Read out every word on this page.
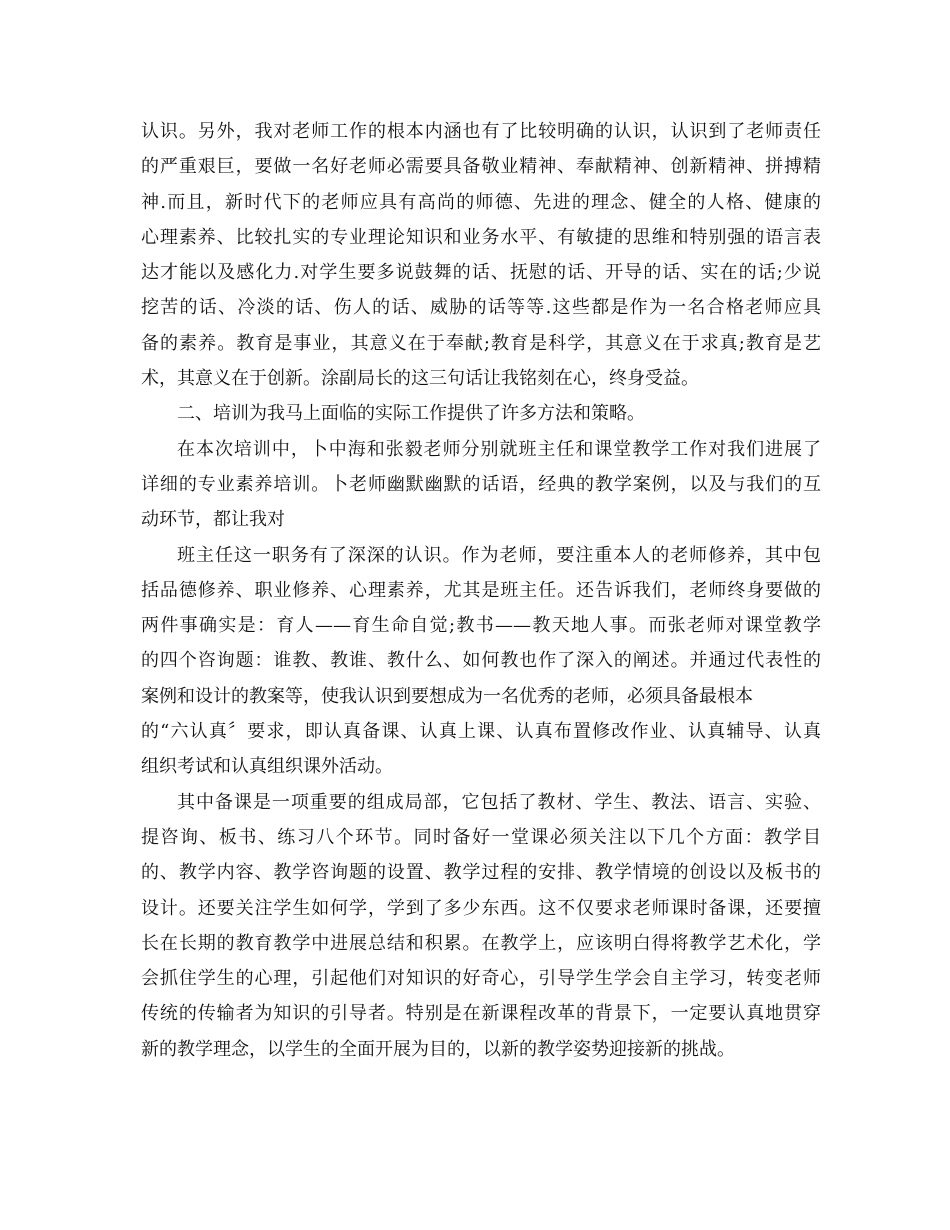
认识。另外，我对老师工作的根本内涵也有了比较明确的认识，认识到了老师责任
的严重艰巨，要做一名好老师必需要具备敬业精神、奉献精神、创新精神、拼搏精
神.而且，新时代下的老师应具有高尚的师德、先进的理念、健全的人格、健康的
心理素养、比较扎实的专业理论知识和业务水平、有敏捷的思维和特别强的语言表
达才能以及感化力.对学生要多说鼓舞的话、抚慰的话、开导的话、实在的话;少说
挖苦的话、冷淡的话、伤人的话、威胁的话等等.这些都是作为一名合格老师应具
备的素养。教育是事业，其意义在于奉献;教育是科学，其意义在于求真;教育是艺
术，其意义在于创新。涂副局长的这三句话让我铭刻在心，终身受益。
二、培训为我马上面临的实际工作提供了许多方法和策略。
在本次培训中，卜中海和张毅老师分别就班主任和课堂教学工作对我们进展了
详细的专业素养培训。卜老师幽默幽默的话语，经典的教学案例，以及与我们的互
动环节，都让我对
班主任这一职务有了深深的认识。作为老师，要注重本人的老师修养，其中包
括品德修养、职业修养、心理素养，尤其是班主任。还告诉我们，老师终身要做的
两件事确实是：育人——育生命自觉;教书——教天地人事。而张老师对课堂教学
的四个咨询题：谁教、教谁、教什么、如何教也作了深入的阐述。并通过代表性的
案例和设计的教案等，使我认识到要想成为一名优秀的老师，必须具备最根本
的“六认真〞要求，即认真备课、认真上课、认真布置修改作业、认真辅导、认真
组织考试和认真组织课外活动。
其中备课是一项重要的组成局部，它包括了教材、学生、教法、语言、实验、
提咨询、板书、练习八个环节。同时备好一堂课必须关注以下几个方面：教学目
的、教学内容、教学咨询题的设置、教学过程的安排、教学情境的创设以及板书的
设计。还要关注学生如何学，学到了多少东西。这不仅要求老师课时备课，还要擅
长在长期的教育教学中进展总结和积累。在教学上，应该明白得将教学艺术化，学
会抓住学生的心理，引起他们对知识的好奇心，引导学生学会自主学习，转变老师
传统的传输者为知识的引导者。特别是在新课程改革的背景下，一定要认真地贯穿
新的教学理念，以学生的全面开展为目的，以新的教学姿势迎接新的挑战。
